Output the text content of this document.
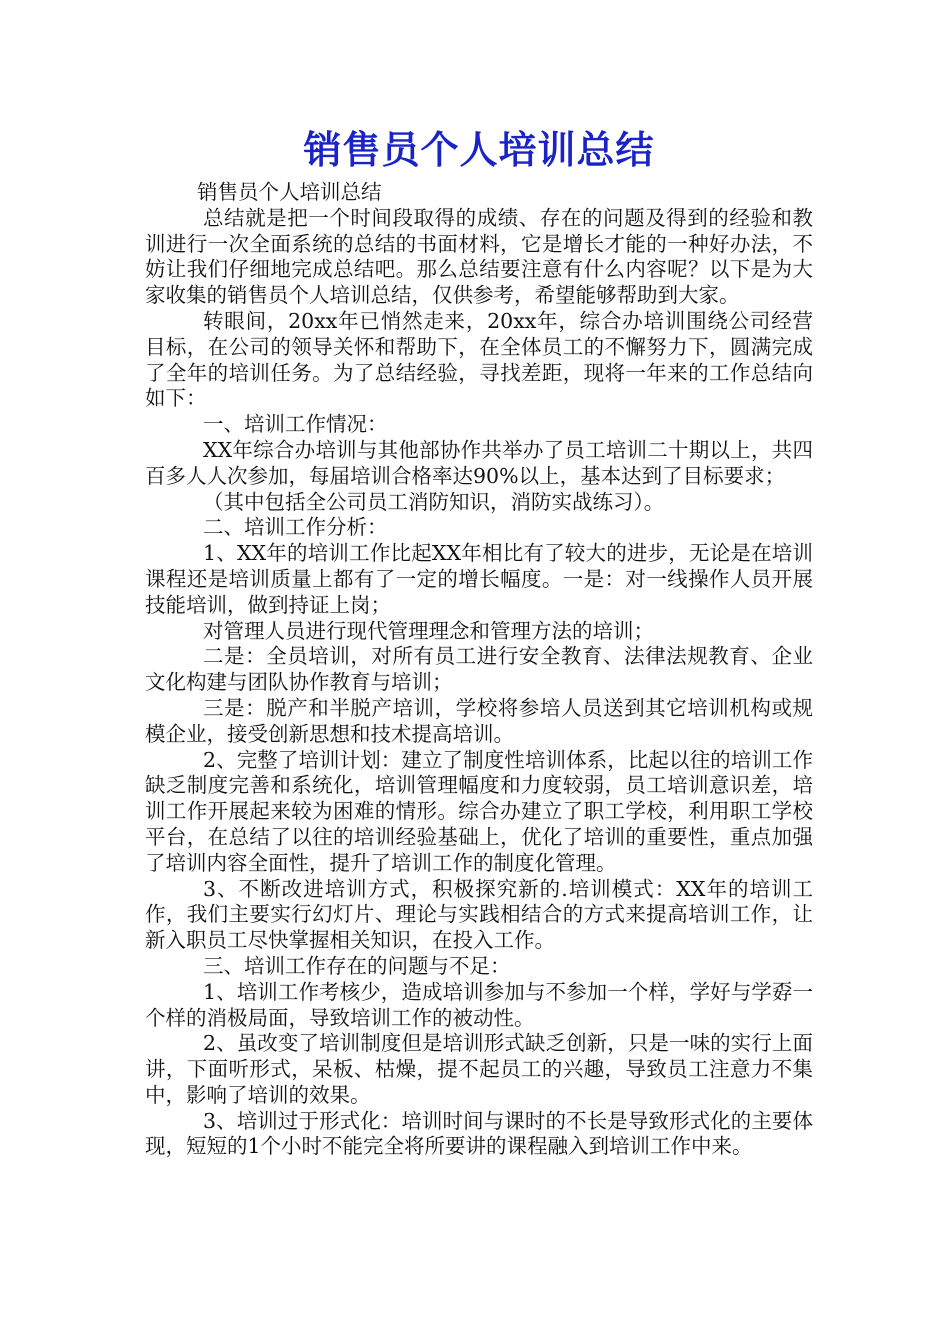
销售员个人培训总结

销售员个人培训总结

总结就是把一个时间段取得的成绩、存在的问题及得到的经验和教训进行一次全面系统的总结的书面材料，它是增长才能的一种好办法，不妨让我们仔细地完成总结吧。那么总结要注意有什么内容呢？以下是为大家收集的销售员个人培训总结，仅供参考，希望能够帮助到大家。

转眼间，20xx年已悄然走来，20xx年，综合办培训围绕公司经营目标，在公司的领导关怀和帮助下，在全体员工的不懈努力下，圆满完成了全年的培训任务。为了总结经验，寻找差距，现将一年来的工作总结向如下：

一、培训工作情况：

XX年综合办培训与其他部协作共举办了员工培训二十期以上，共四百多人人次参加，每届培训合格率达90%以上，基本达到了目标要求；

（其中包括全公司员工消防知识，消防实战练习）。

二、培训工作分析：

1、XX年的培训工作比起XX年相比有了较大的进步，无论是在培训课程还是培训质量上都有了一定的增长幅度。一是：对一线操作人员开展技能培训，做到持证上岗；

对管理人员进行现代管理理念和管理方法的培训；

二是：全员培训，对所有员工进行安全教育、法律法规教育、企业文化构建与团队协作教育与培训；

三是：脱产和半脱产培训，学校将参培人员送到其它培训机构或规模企业，接受创新思想和技术提高培训。

2、完整了培训计划：建立了制度性培训体系，比起以往的培训工作缺乏制度完善和系统化，培训管理幅度和力度较弱，员工培训意识差，培训工作开展起来较为困难的情形。综合办建立了职工学校，利用职工学校平台，在总结了以往的培训经验基础上，优化了培训的重要性，重点加强了培训内容全面性，提升了培训工作的制度化管理。

3、不断改进培训方式，积极探究新的.培训模式：XX年的培训工作，我们主要实行幻灯片、理论与实践相结合的方式来提高培训工作，让新入职员工尽快掌握相关知识，在投入工作。

三、培训工作存在的问题与不足：

1、培训工作考核少，造成培训参加与不参加一个样，学好与学孬一个样的消极局面，导致培训工作的被动性。

2、虽改变了培训制度但是培训形式缺乏创新，只是一味的实行上面讲，下面听形式，呆板、枯燥，提不起员工的兴趣，导致员工注意力不集中，影响了培训的效果。

3、培训过于形式化：培训时间与课时的不长是导致形式化的主要体现，短短的1个小时不能完全将所要讲的课程融入到培训工作中来。
